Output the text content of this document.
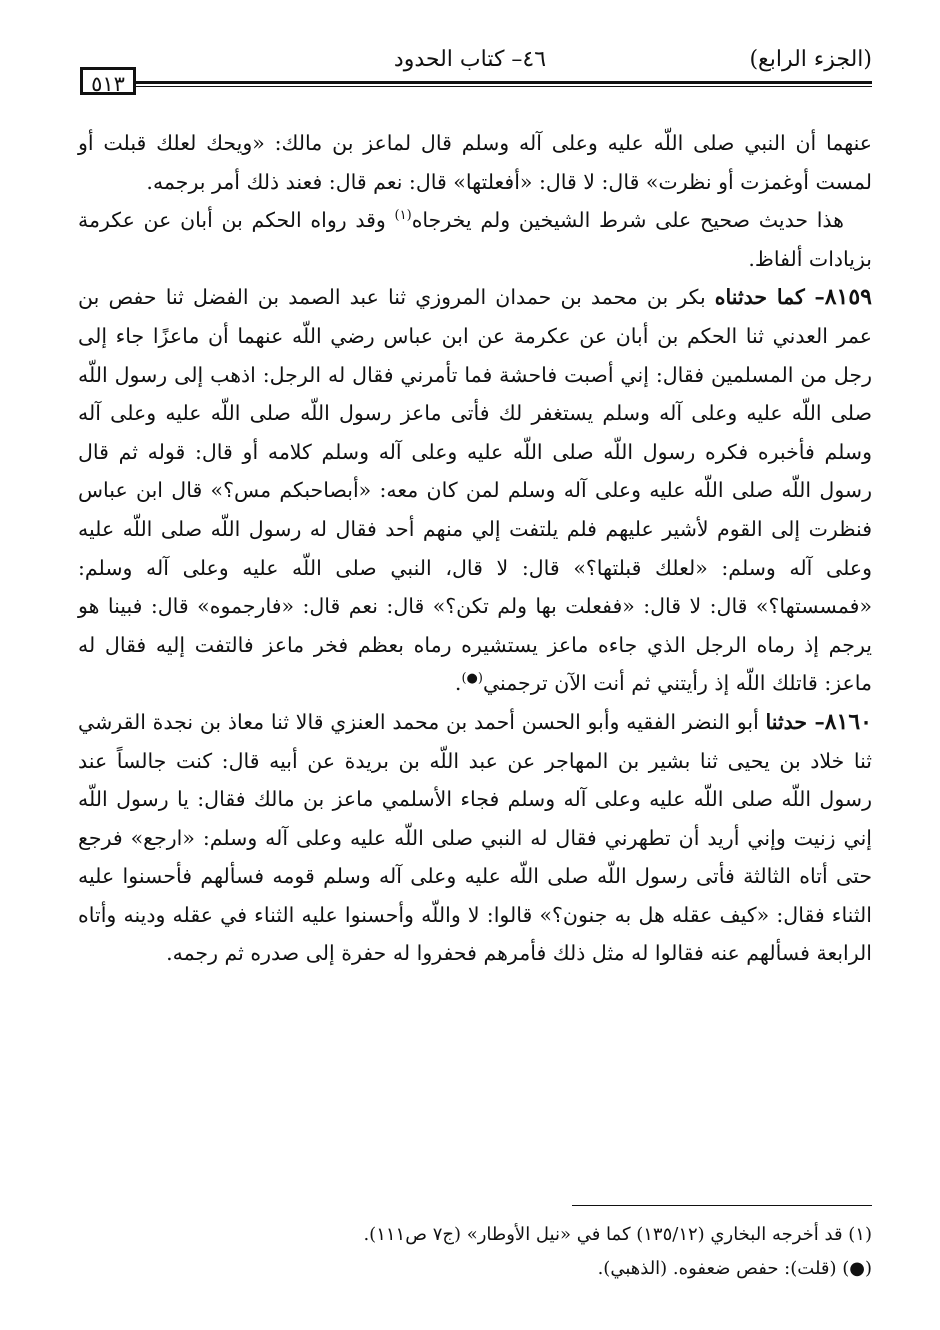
(الجزء الرابع)
٤٦– كتاب الحدود
٥١٣

عنهما أن النبي صلى اللّه عليه وعلى آله وسلم قال لماعز بن مالك: «ويحك لعلك قبلت أو لمست أوغمزت أو نظرت» قال: لا قال: «أفعلتها» قال: نعم قال: فعند ذلك أمر برجمه.

هذا حديث صحيح على شرط الشيخين ولم يخرجاه$^{(١)}$ وقد رواه الحكم بن أبان عن عكرمة بزيادات ألفاظ.

٨١٥٩– كما حدثناه بكر بن محمد بن حمدان المروزي ثنا عبد الصمد بن الفضل ثنا حفص بن عمر العدني ثنا الحكم بن أبان عن عكرمة عن ابن عباس رضي اللّه عنهما أن ماعزًا جاء إلى رجل من المسلمين فقال: إني أصبت فاحشة فما تأمرني فقال له الرجل: اذهب إلى رسول اللّه صلى اللّه عليه وعلى آله وسلم يستغفر لك فأتى ماعز رسول اللّه صلى اللّه عليه وعلى آله وسلم فأخبره فكره رسول اللّه صلى اللّه عليه وعلى آله وسلم كلامه أو قال: قوله ثم قال رسول اللّه صلى اللّه عليه وعلى آله وسلم لمن كان معه: «أبصاحبكم مس؟» قال ابن عباس فنظرت إلى القوم لأشير عليهم فلم يلتفت إلي منهم أحد فقال له رسول اللّه صلى اللّه عليه وعلى آله وسلم: «لعلك قبلتها؟» قال: لا قال، النبي صلى اللّه عليه وعلى آله وسلم: «فمسستها؟» قال: لا قال: «ففعلت بها ولم تكن؟» قال: نعم قال: «فارجموه» قال: فبينا هو يرجم إذ رماه الرجل الذي جاءه ماعز يستشيره رماه بعظم فخر ماعز فالتفت إليه فقال له ماعز: قاتلك اللّه إذ رأيتني ثم أنت الآن ترجمني(●).

٨١٦٠– حدثنا أبو النضر الفقيه وأبو الحسن أحمد بن محمد العنزي قالا ثنا معاذ بن نجدة القرشي ثنا خلاد بن يحيى ثنا بشير بن المهاجر عن عبد اللّه بن بريدة عن أبيه قال: كنت جالساً عند رسول اللّه صلى اللّه عليه وعلى آله وسلم فجاء الأسلمي ماعز بن مالك فقال: يا رسول اللّه إني زنيت وإني أريد أن تطهرني فقال له النبي صلى اللّه عليه وعلى آله وسلم: «ارجع» فرجع حتى أتاه الثالثة فأتى رسول اللّه صلى اللّه عليه وعلى آله وسلم قومه فسألهم فأحسنوا عليه الثناء فقال: «كيف عقله هل به جنون؟» قالوا: لا واللّه وأحسنوا عليه الثناء في عقله ودينه وأتاه الرابعة فسألهم عنه فقالوا له مثل ذلك فأمرهم فحفروا له حفرة إلى صدره ثم رجمه.

(١) قد أخرجه البخاري (١٣٥/١٢) كما في «نيل الأوطار» (ج٧ ص١١١).

(●) (قلت): حفص ضعفوه. (الذهبي).
